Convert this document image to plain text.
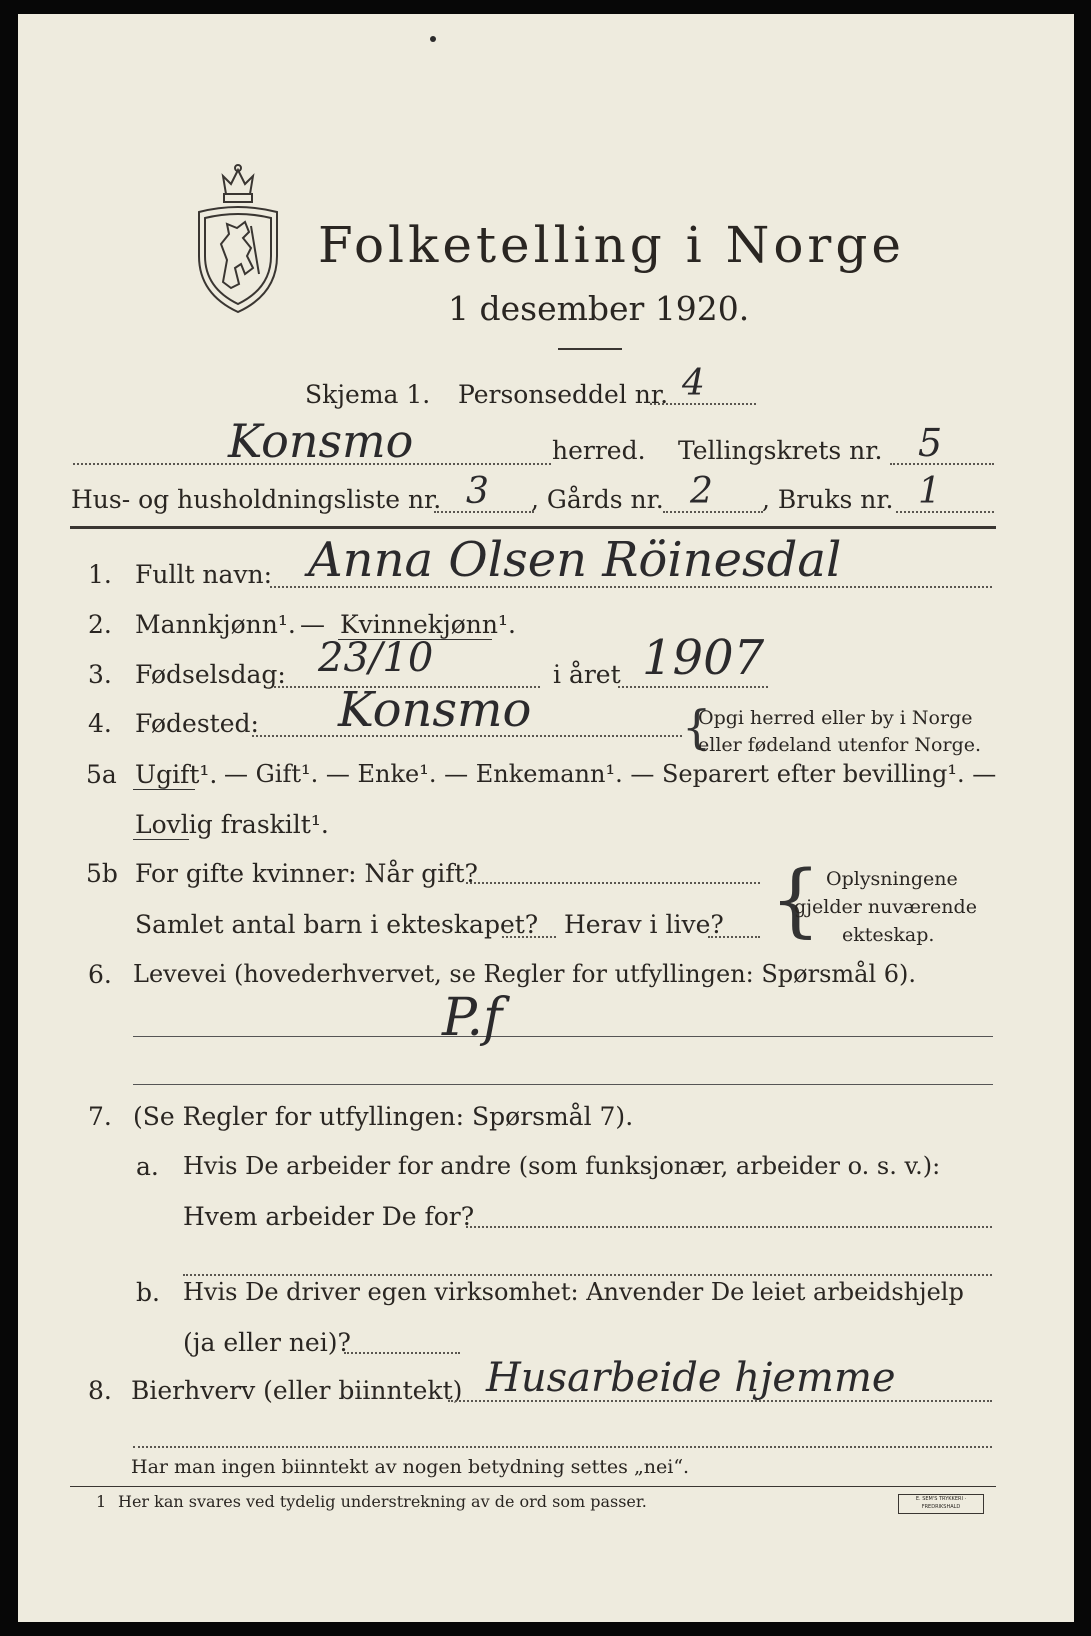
Folketelling i Norge
1 desember 1920.
Skjema 1. Personseddel nr. 4
Konsmo	herred. Tellingskrets nr. 5
Hus- og husholdningsliste nr. 3 , Gårds nr. 2 , Bruks nr. 1
1. Fullt navn: Anna Olsen Röinesdal
2. Mannkjønn¹. — Kvinnekjønn¹.
3. Fødselsdag: 23/10	i året 1907
4. Fødested: Konsmo	{
Opgi herred eller by i Norge
eller fødeland utenfor Norge.
5a Ugift¹. — Gift¹. — Enke¹. — Enkemann¹. — Separert efter bevilling¹. —
Lovlig fraskilt¹.
5b For gifte kvinner: Når gift?
Samlet antal barn i ekteskapet? Herav i live? { Oplysningene
gjelder nuværende
ekteskap.
6. Levevei (hovederhvervet, se Regler for utfyllingen: Spørsmål 6).
P.f
7. (Se Regler for utfyllingen: Spørsmål 7).
a. Hvis De arbeider for andre (som funksjonær, arbeider o. s. v.):
Hvem arbeider De for?
b. Hvis De driver egen virksomhet: Anvender De leiet arbeidshjelp
(ja eller nei)?
8. Bierhverv (eller biinntekt) Husarbeide hjemme
Har man ingen biinntekt av nogen betydning settes „nei“.
1 Her kan svares ved tydelig understrekning av de ord som passer.	E. SEM'S TRYKKERI · FREDRIKSHALD
